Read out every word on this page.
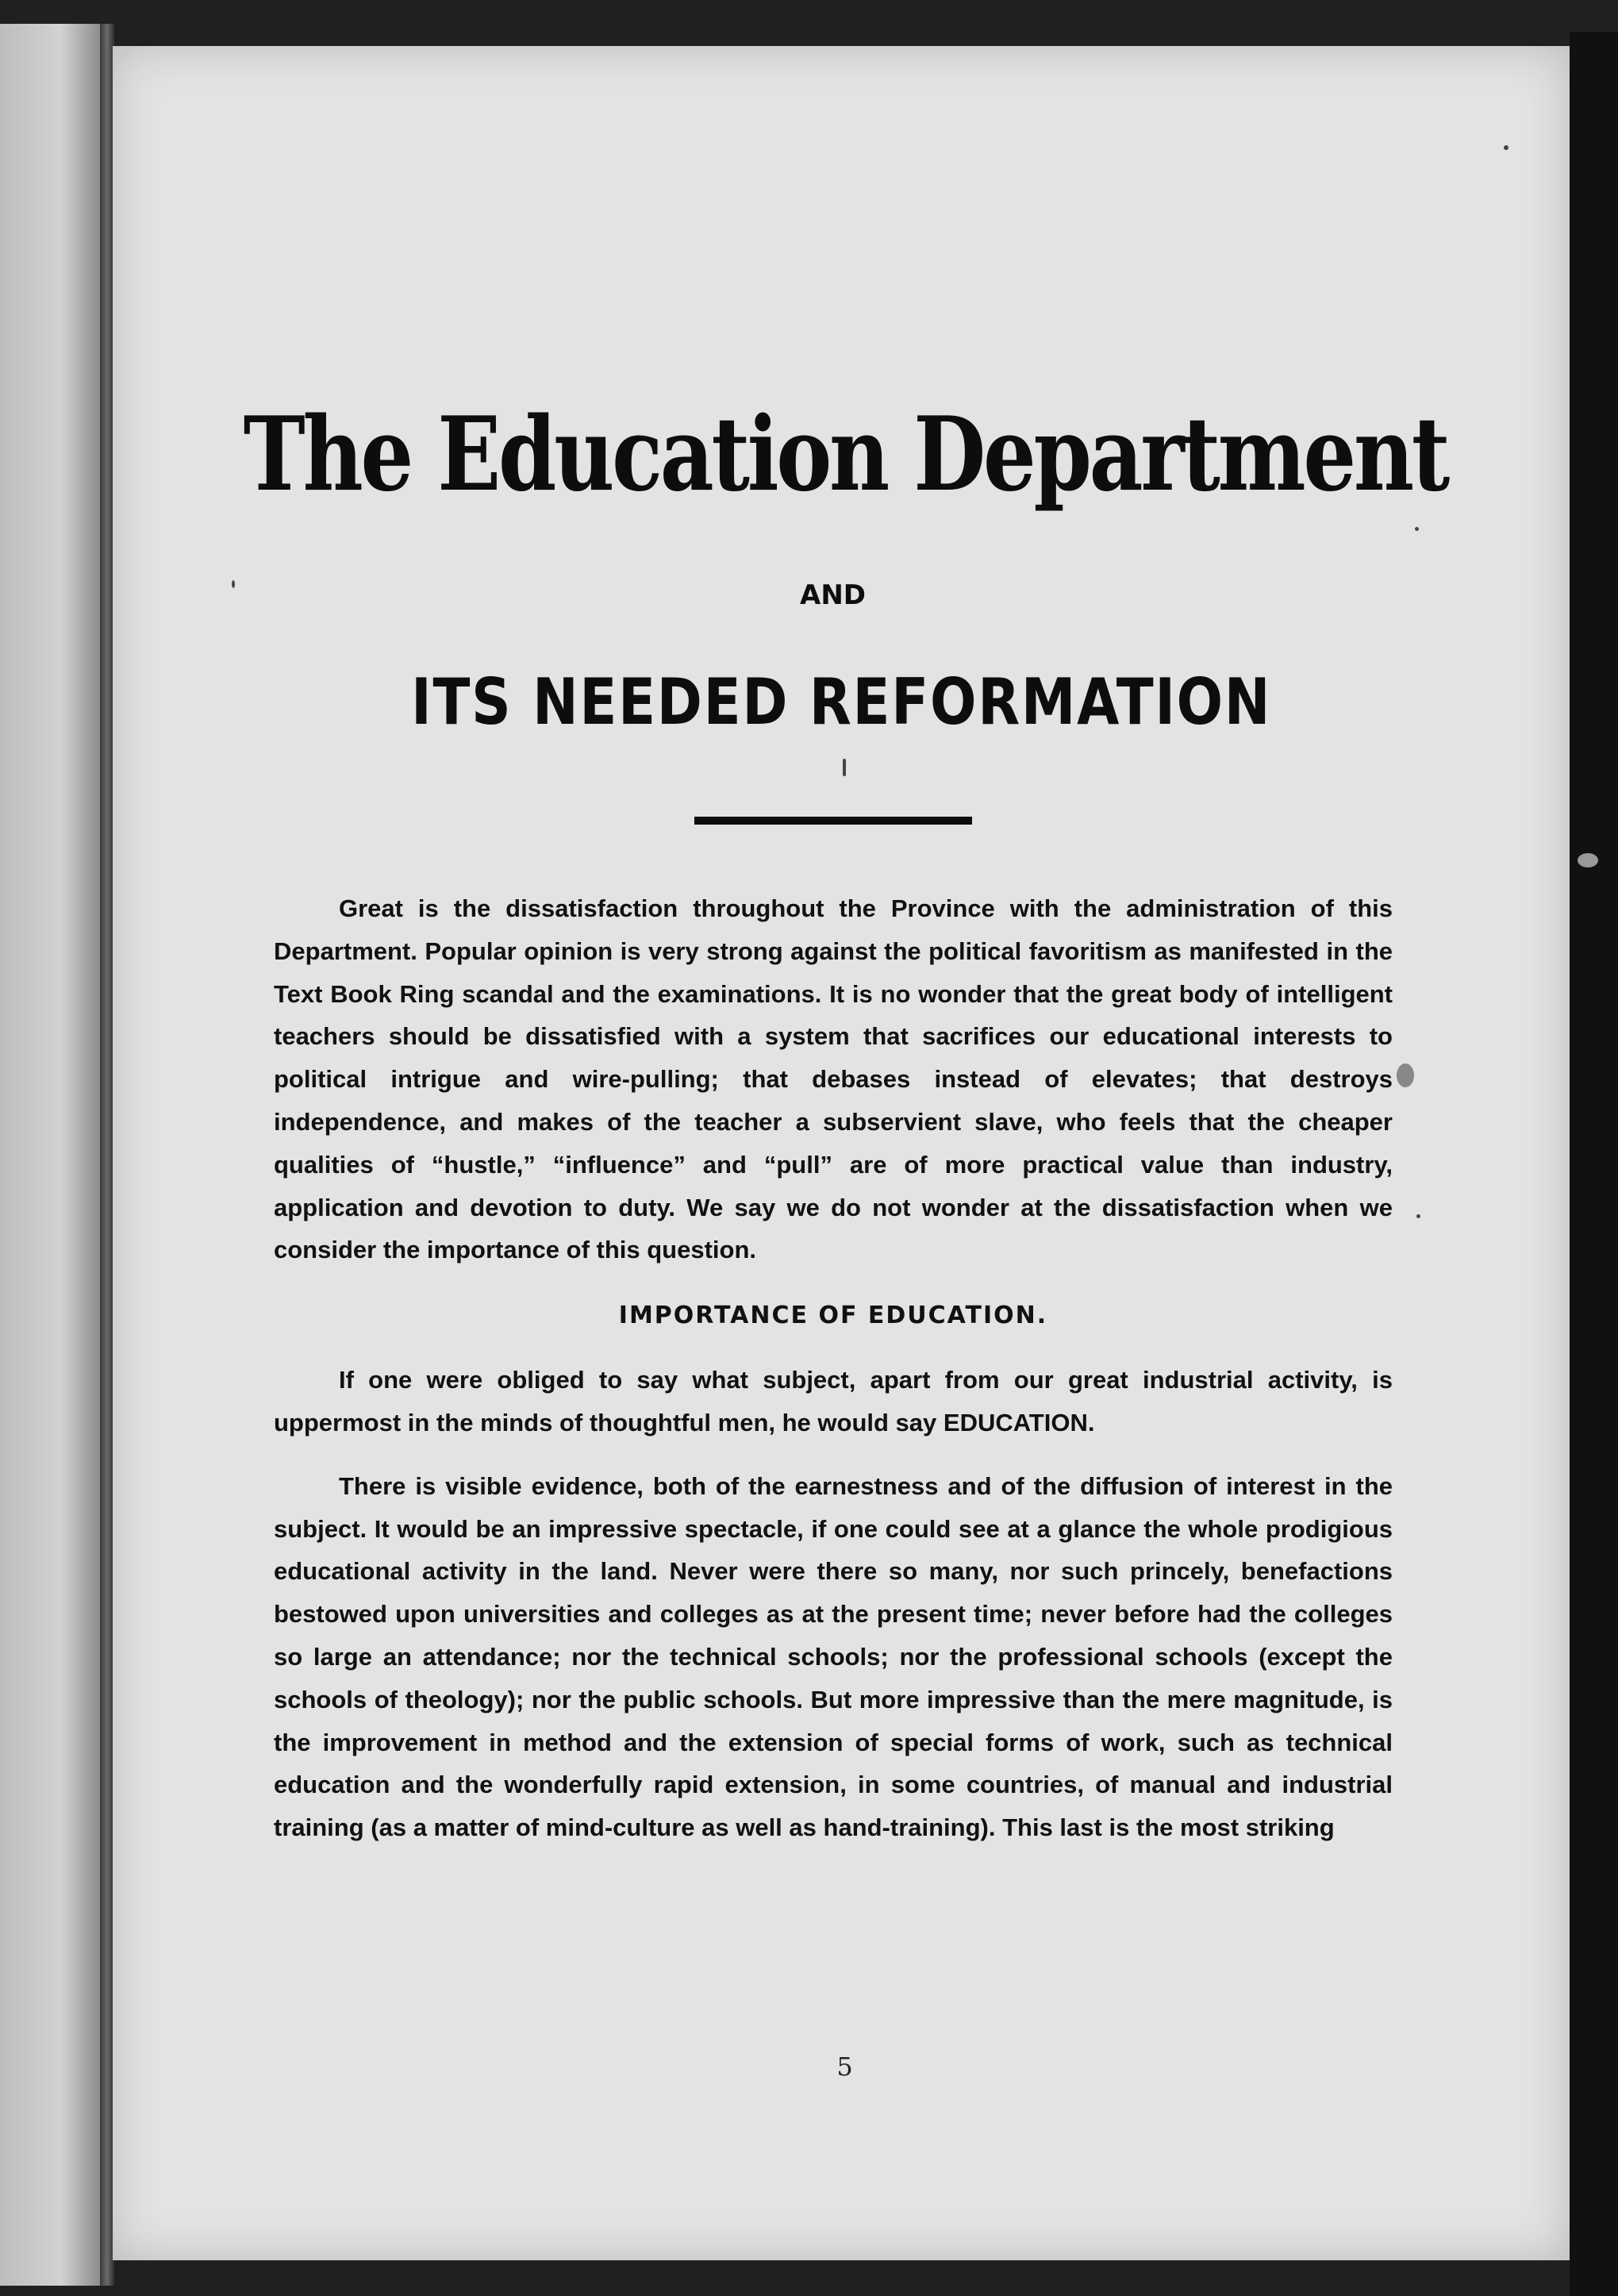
The Education Department
AND
ITS NEEDED REFORMATION

Great is the dissatisfaction throughout the Province with the administration of this Department. Popular opinion is very strong against the political favoritism as manifested in the Text Book Ring scandal and the examinations. It is no wonder that the great body of intelligent teachers should be dissatisfied with a system that sacrifices our educational interests to political intrigue and wire-pulling; that debases instead of elevates; that destroys independence, and makes of the teacher a subservient slave, who feels that the cheaper qualities of “hustle,” “influence” and “pull” are of more practical value than industry, application and devotion to duty. We say we do not wonder at the dissatisfaction when we consider the importance of this question.

IMPORTANCE OF EDUCATION.

If one were obliged to say what subject, apart from our great industrial activity, is uppermost in the minds of thoughtful men, he would say EDUCATION.

There is visible evidence, both of the earnestness and of the diffusion of interest in the subject. It would be an impressive spectacle, if one could see at a glance the whole prodigious educational activity in the land. Never were there so many, nor such princely, benefactions bestowed upon universities and colleges as at the present time; never before had the colleges so large an attendance; nor the technical schools; nor the professional schools (except the schools of theology); nor the public schools. But more impressive than the mere magnitude, is the improvement in method and the extension of special forms of work, such as technical education and the wonderfully rapid extension, in some countries, of manual and industrial training (as a matter of mind-culture as well as hand-training). This last is the most striking

5
